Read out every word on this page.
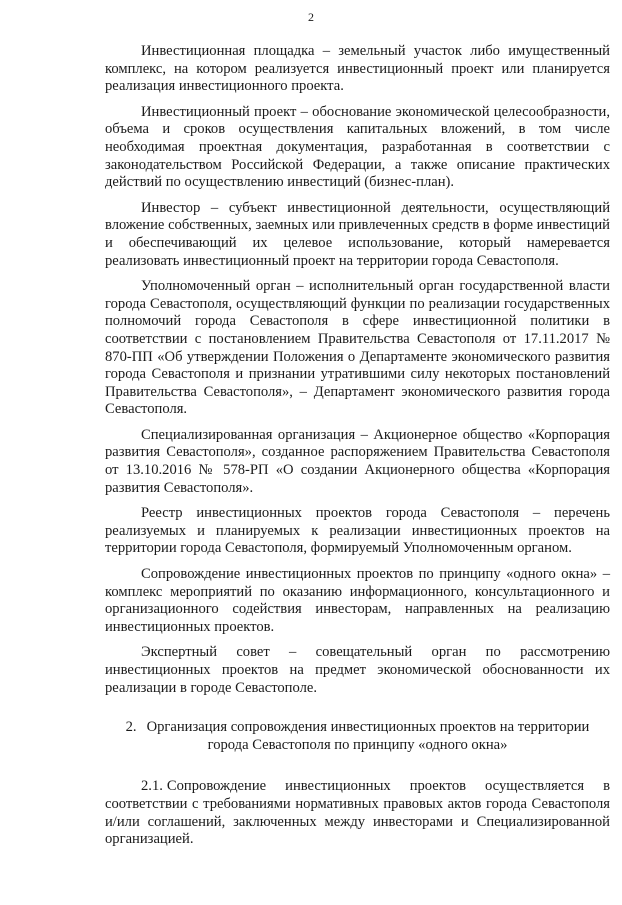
2

Инвестиционная площадка – земельный участок либо имущественный комплекс, на котором реализуется инвестиционный проект или планируется реализация инвестиционного проекта.

Инвестиционный проект – обоснование экономической целесообразности, объема и сроков осуществления капитальных вложений, в том числе необходимая проектная документация, разработанная в соответствии с законодательством Российской Федерации, а также описание практических действий по осуществлению инвестиций (бизнес-план).

Инвестор – субъект инвестиционной деятельности, осуществляющий вложение собственных, заемных или привлеченных средств в форме инвестиций и обеспечивающий их целевое использование, который намеревается реализовать инвестиционный проект на территории города Севастополя.

Уполномоченный орган – исполнительный орган государственной власти города Севастополя, осуществляющий функции по реализации государственных полномочий города Севастополя в сфере инвестиционной политики в соответствии с постановлением Правительства Севастополя от 17.11.2017 № 870-ПП «Об утверждении Положения о Департаменте экономического развития города Севастополя и признании утратившими силу некоторых постановлений Правительства Севастополя», – Департамент экономического развития города Севастополя.

Специализированная организация – Акционерное общество «Корпорация развития Севастополя», созданное распоряжением Правительства Севастополя от 13.10.2016 № 578-РП «О создании Акционерного общества «Корпорация развития Севастополя».

Реестр инвестиционных проектов города Севастополя – перечень реализуемых и планируемых к реализации инвестиционных проектов на территории города Севастополя, формируемый Уполномоченным органом.

Сопровождение инвестиционных проектов по принципу «одного окна» – комплекс мероприятий по оказанию информационного, консультационного и организационного содействия инвесторам, направленных на реализацию инвестиционных проектов.

Экспертный совет – совещательный орган по рассмотрению инвестиционных проектов на предмет экономической обоснованности их реализации в городе Севастополе.

2. Организация сопровождения инвестиционных проектов на территории города Севастополя по принципу «одного окна»

2.1. Сопровождение инвестиционных проектов осуществляется в соответствии с требованиями нормативных правовых актов города Севастополя и/или соглашений, заключенных между инвесторами и Специализированной организацией.
